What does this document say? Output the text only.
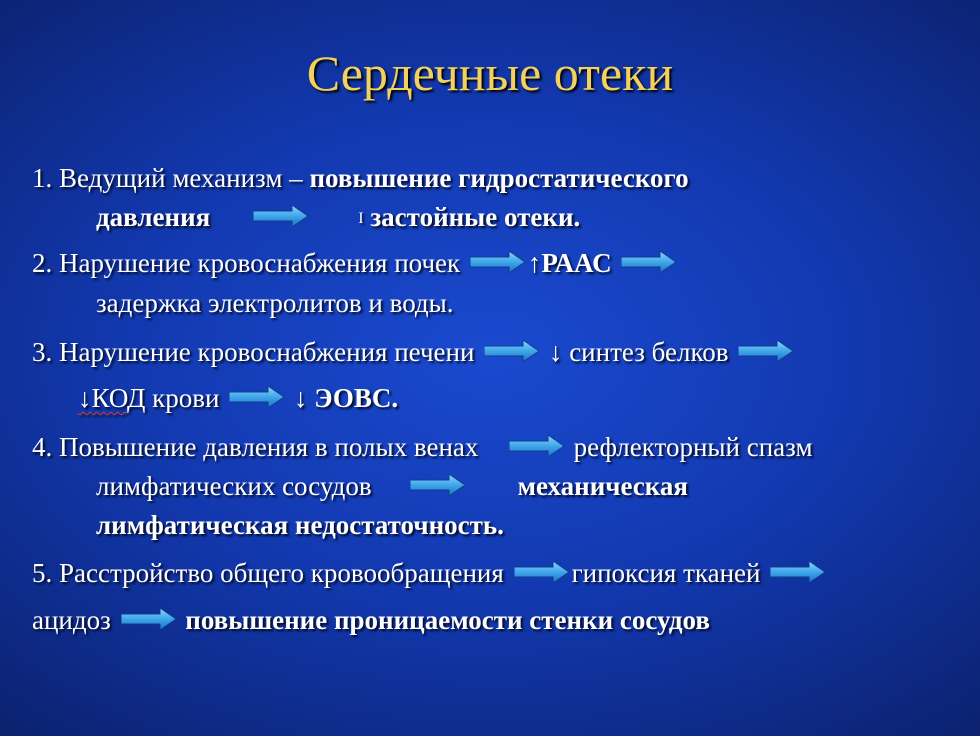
Сердечные отеки
1. Ведущий механизм – повышение гидростатического
давления	I застойные отеки.
2. Нарушение кровоснабжения почек	↑РААС
задержка электролитов и воды.
3. Нарушение кровоснабжения печени	↓ синтез белков
↓КОД крови	↓ ЭОВС.
4. Повышение давления в полых венах	рефлекторный спазм
лимфатических сосудов	механическая
лимфатическая недостаточность.
5. Расстройство общего кровообращения	гипоксия тканей
ацидоз	повышение проницаемости стенки сосудов
